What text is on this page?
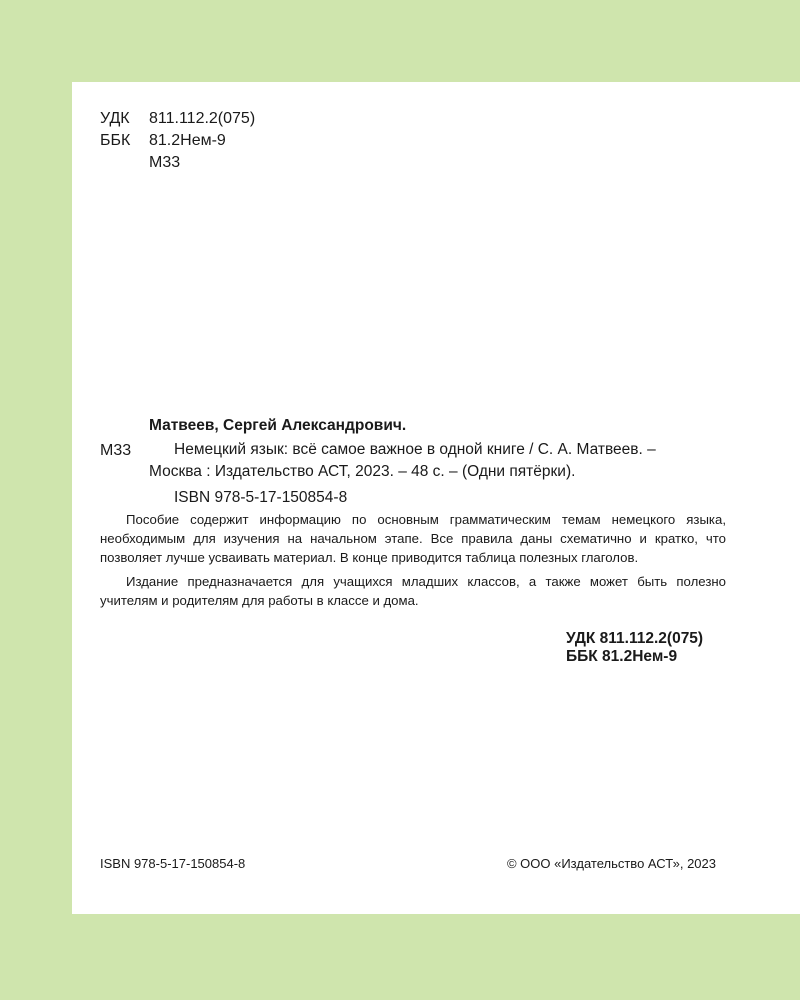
УДК 811.112.2(075)
ББК 81.2Нем-9
М33
Матвеев, Сергей Александрович.
М33	Немецкий язык: всё самое важное в одной книге / С. А. Матвеев. –
Москва : Издательство АСТ, 2023. – 48 с. – (Одни пятёрки).
ISBN 978-5-17-150854-8

Пособие содержит информацию по основным грамматическим темам немецкого языка, необходимым для изучения на начальном этапе. Все правила даны схематично и кратко, что позволяет лучше усваивать материал. В конце приводится таблица полезных глаголов.

Издание предназначается для учащихся младших классов, а также может быть полезно учителям и родителям для работы в классе и дома.

УДК 811.112.2(075)
ББК 81.2Нем-9
ISBN 978-5-17-150854-8	© ООО «Издательство АСТ», 2023
